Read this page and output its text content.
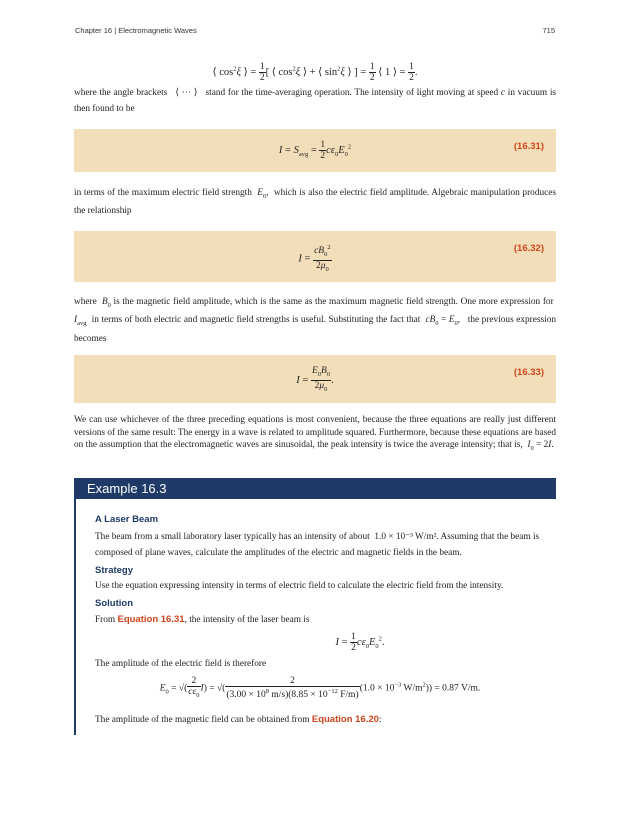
Chapter 16 | Electromagnetic Waves	715
⟨ $\cos^2\xi$ ⟩ = $\frac{1}{2}$ [ ⟨ $\cos^2\xi$ ⟩ + ⟨ $\sin^2\xi$ ⟩ ] = $\frac{1}{2}$ ⟨ 1 ⟩ = $\frac{1}{2}$ .
where the angle brackets ⟨ ⋯ ⟩ stand for the time-averaging operation. The intensity of light moving at speed c in vacuum is then found to be
$I = S_{avg} = \frac{1}{2} c\varepsilon_0E_0^2$	(16.31)
in terms of the maximum electric field strength $E_0$,  which is also the electric field amplitude. Algebraic manipulation produces the relationship
$I = \frac{cB_0^2}{2\mu_0}$	(16.32)
where $B_0$ is the magnetic field amplitude, which is the same as the maximum magnetic field strength. One more expression for  $I_{avg}$ in terms of both electric and magnetic field strengths is useful. Substituting the fact that $cB_0 = E_0$,   the previous expression becomes
$I = \frac{E_0B_0}{2\mu_0}$ .
(16.33)
We can use whichever of the three preceding equations is most convenient, because the three equations are really just different versions of the same result: The energy in a wave is related to amplitude squared. Furthermore, because these equations are based on the assumption that the electromagnetic waves are sinusoidal, the peak intensity is twice the average intensity; that is, $I_0 = 2I$.
Example 16.3
A Laser Beam
The beam from a small laboratory laser typically has an intensity of about 1.0 × 10⁻³ W/m². Assuming that the beam is composed of plane waves, calculate the amplitudes of the electric and magnetic fields in the beam.
Strategy
Use the equation expressing intensity in terms of electric field to calculate the electric field from the intensity.
Solution
From Equation 16.31, the intensity of the laser beam is
$I = \frac{1}{2} c\varepsilon_0E_0^2$.
The amplitude of the electric field is therefore
$E_0$ = √( $\frac{2}{c\varepsilon_0} I$) = √( $\frac{2}{(3.00 \times 10^8 m/s)(8.85 \times 10^{-12} F/m)} (1.0 \times 10^{-3}$ $W/m^2)) = 0.87$ V/m.
The amplitude of the magnetic field can be obtained from Equation 16.20:
